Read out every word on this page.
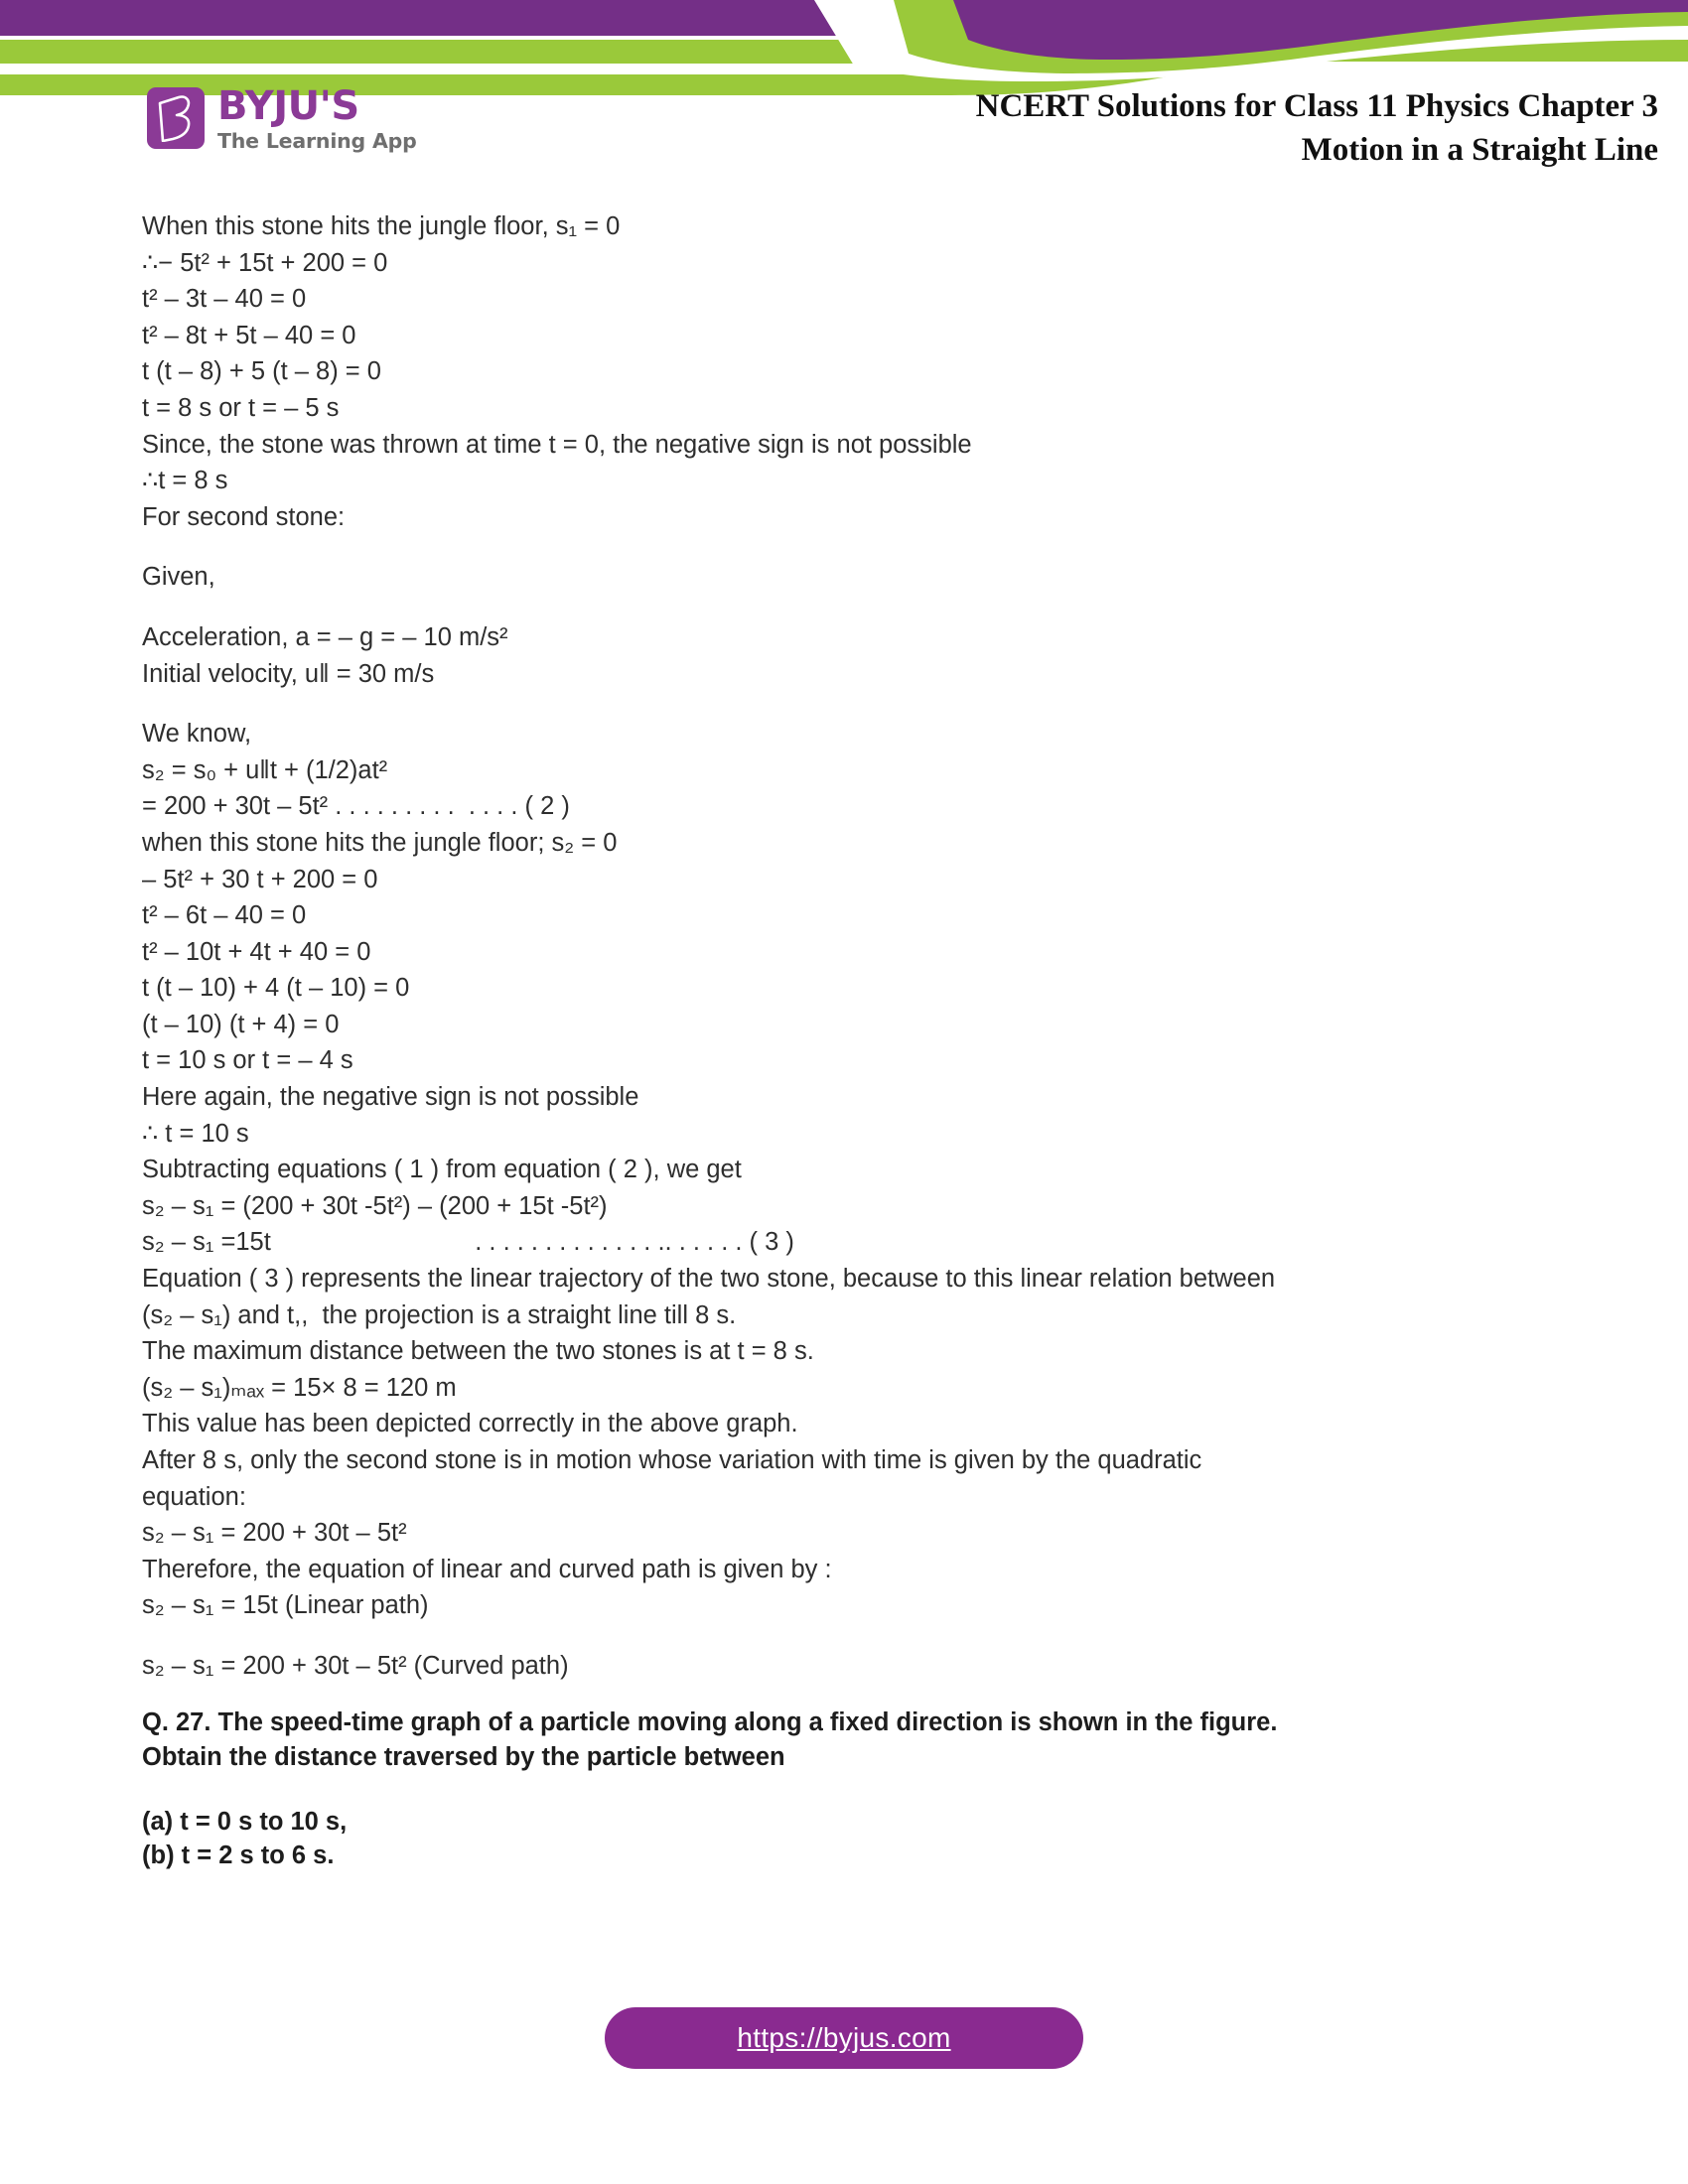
BYJU'S
The Learning App
NCERT Solutions for Class 11 Physics Chapter 3
Motion in a Straight Line
When this stone hits the jungle floor, s₁ = 0
∴− 5t² + 15t + 200 = 0
t² – 3t – 40 = 0
t² – 8t + 5t – 40 = 0
t (t – 8) + 5 (t – 8) = 0
t = 8 s or t = – 5 s
Since, the stone was thrown at time t = 0, the negative sign is not possible
∴t = 8 s
For second stone:
Given,
Acceleration, a = – g = – 10 m/s²
Initial velocity, u‖ = 30 m/s
We know,
s₂ = s₀ + u‖t + (1/2)at²
= 200 + 30t – 5t² . . . . . . . . .  . . . . ( 2 )
when this stone hits the jungle floor; s₂ = 0
– 5t² + 30 t + 200 = 0
t² – 6t – 40 = 0
t² – 10t + 4t + 40 = 0
t (t – 10) + 4 (t – 10) = 0
(t – 10) (t + 4) = 0
t = 10 s or t = – 4 s
Here again, the negative sign is not possible
∴ t = 10 s
Subtracting equations ( 1 ) from equation ( 2 ), we get
s₂ – s₁ = (200 + 30t -5t²) – (200 + 15t -5t²)
s₂ – s₁ =15t                             . . . . . . . . . . . . . .. . . . . . ( 3 )
Equation ( 3 ) represents the linear trajectory of the two stone, because to this linear relation between
(s₂ – s₁) and t,,  the projection is a straight line till 8 s.
The maximum distance between the two stones is at t = 8 s.
(s₂ – s₁)ₘₐₓ = 15× 8 = 120 m
This value has been depicted correctly in the above graph.
After 8 s, only the second stone is in motion whose variation with time is given by the quadratic
equation:
s₂ – s₁ = 200 + 30t – 5t²
Therefore, the equation of linear and curved path is given by :
s₂ – s₁ = 15t (Linear path)
s₂ – s₁ = 200 + 30t – 5t² (Curved path)
Q. 27. The speed-time graph of a particle moving along a fixed direction is shown in the figure.
Obtain the distance traversed by the particle between
(a) t = 0 s to 10 s,
(b) t = 2 s to 6 s.
https://byjus.com
